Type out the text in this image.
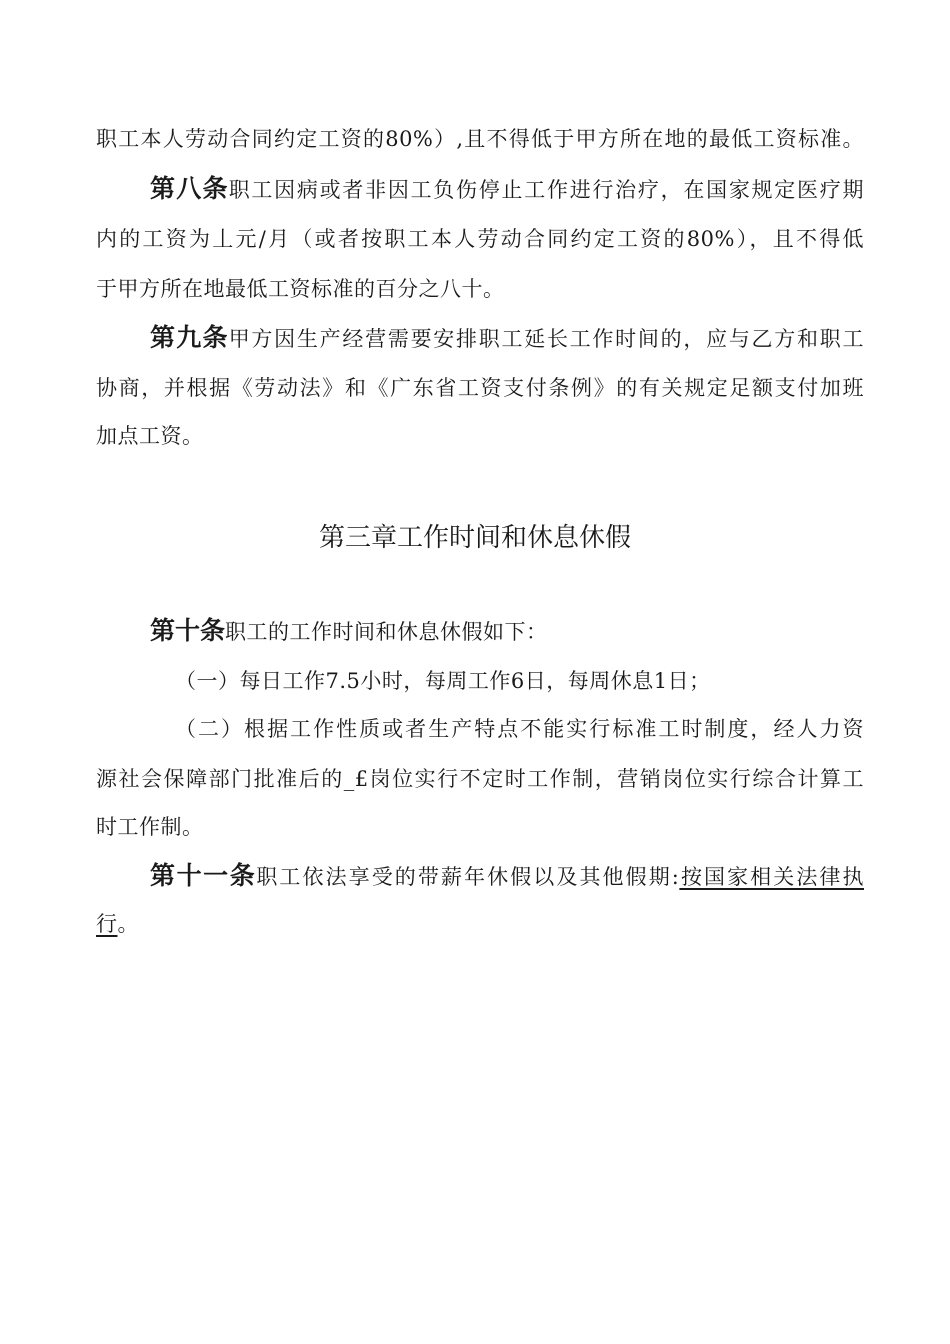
职工本人劳动合同约定工资的80%）,且不得低于甲方所在地的最低工资标准。
第八条职工因病或者非因工负伤停止工作进行治疗，在国家规定医疗期
内的工资为丄元/月（或者按职工本人劳动合同约定工资的80%），且不得低
于甲方所在地最低工资标准的百分之八十。
第九条甲方因生产经营需要安排职工延长工作时间的，应与乙方和职工
协商，并根据《劳动法》和《广东省工资支付条例》的有关规定足额支付加班
加点工资。
第三章工作时间和休息休假
第十条职工的工作时间和休息休假如下：
（一）每日工作7.5小时，每周工作6日，每周休息1日；
（二）根据工作性质或者生产特点不能实行标准工时制度，经人力资
源社会保障部门批准后的_£岗位实行不定时工作制，营销岗位实行综合计算工
时工作制。
第十一条职工依法享受的带薪年休假以及其他假期:按国家相关法律执
行。
